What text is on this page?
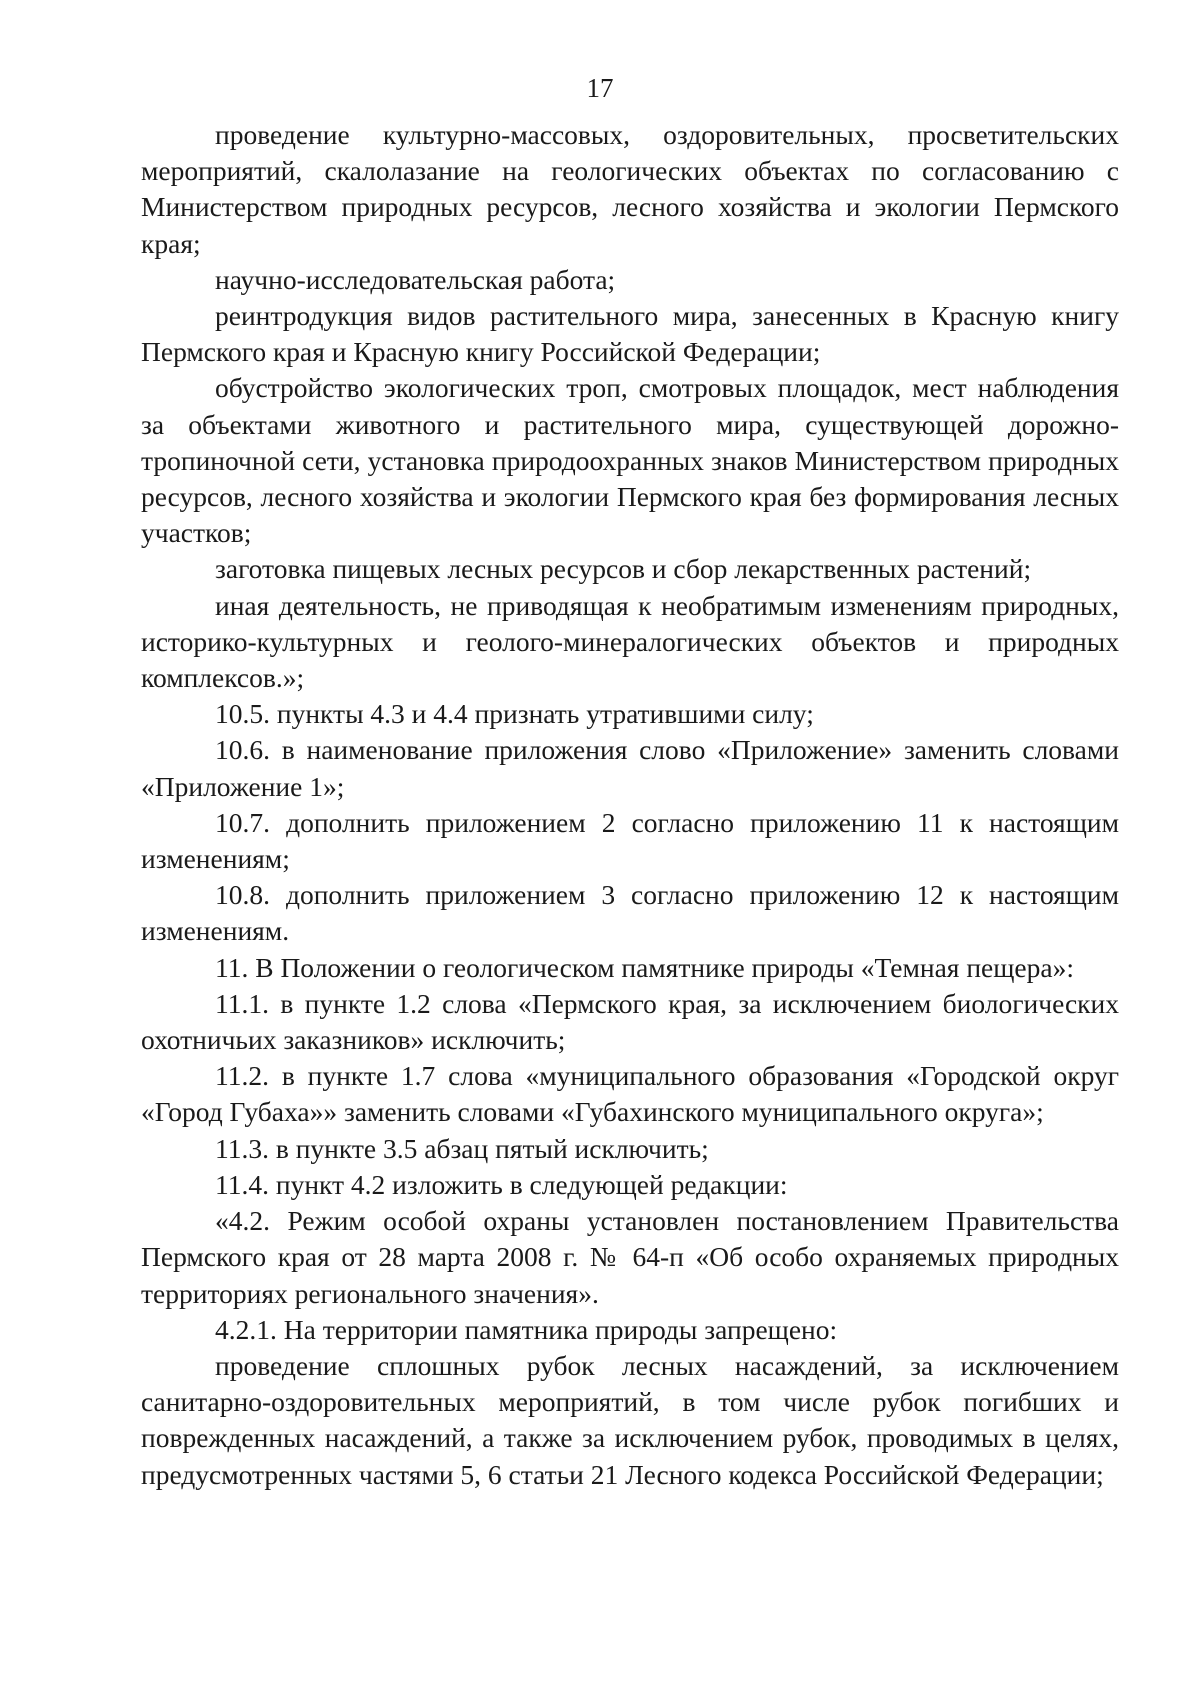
17

проведение культурно-массовых, оздоровительных, просветительских мероприятий, скалолазание на геологических объектах по согласованию с Министерством природных ресурсов, лесного хозяйства и экологии Пермского края;

научно-исследовательская работа;

реинтродукция видов растительного мира, занесенных в Красную книгу Пермского края и Красную книгу Российской Федерации;

обустройство экологических троп, смотровых площадок, мест наблюдения за объектами животного и растительного мира, существующей дорожно-тропиночной сети, установка природоохранных знаков Министерством природных ресурсов, лесного хозяйства и экологии Пермского края без формирования лесных участков;

заготовка пищевых лесных ресурсов и сбор лекарственных растений;

иная деятельность, не приводящая к необратимым изменениям природных, историко-культурных и геолого-минералогических объектов и природных комплексов.»;

10.5. пункты 4.3 и 4.4 признать утратившими силу;

10.6. в наименование приложения слово «Приложение» заменить словами «Приложение 1»;

10.7. дополнить приложением 2 согласно приложению 11 к настоящим изменениям;

10.8. дополнить приложением 3 согласно приложению 12 к настоящим изменениям.

11. В Положении о геологическом памятнике природы «Темная пещера»:

11.1. в пункте 1.2 слова «Пермского края, за исключением биологических охотничьих заказников» исключить;

11.2. в пункте 1.7 слова «муниципального образования «Городской округ «Город Губаха»» заменить словами «Губахинского муниципального округа»;

11.3. в пункте 3.5 абзац пятый исключить;

11.4. пункт 4.2 изложить в следующей редакции:

«4.2. Режим особой охраны установлен постановлением Правительства Пермского края от 28 марта 2008 г. № 64-п «Об особо охраняемых природных территориях регионального значения».

4.2.1. На территории памятника природы запрещено:

проведение сплошных рубок лесных насаждений, за исключением санитарно-оздоровительных мероприятий, в том числе рубок погибших и поврежденных насаждений, а также за исключением рубок, проводимых в целях, предусмотренных частями 5, 6 статьи 21 Лесного кодекса Российской Федерации;
